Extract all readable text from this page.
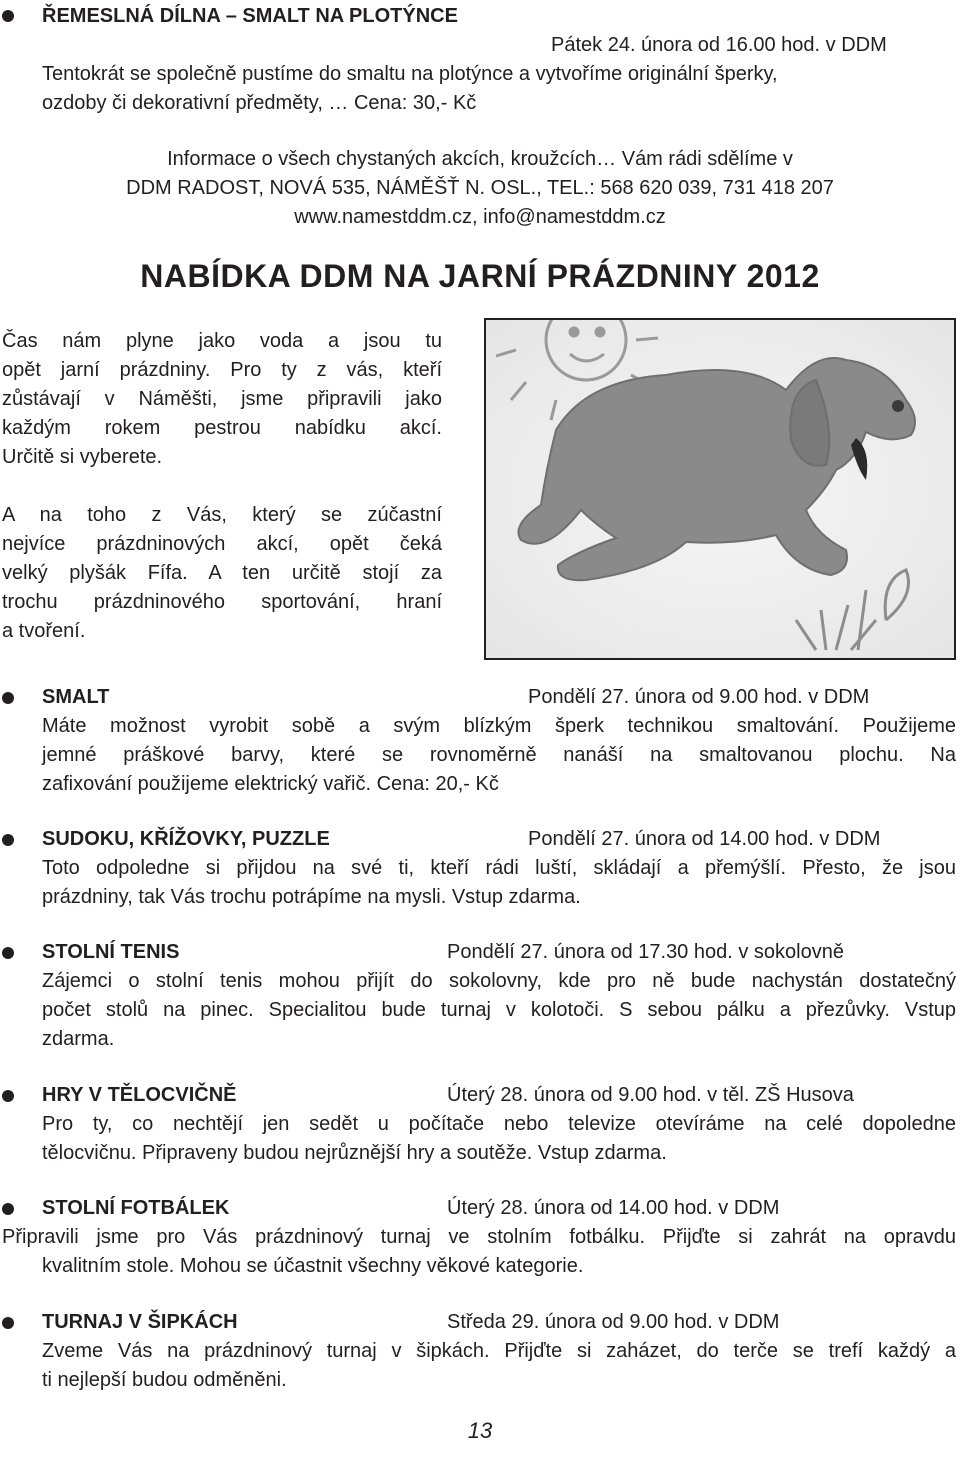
ŘEMESLNÁ DÍLNA – SMALT NA PLOTÝNCE
Pátek 24. února od 16.00 hod. v DDM
Tentokrát se společně pustíme do smaltu na plotýnce a vytvoříme originální šperky,
ozdoby či dekorativní předměty, … Cena: 30,- Kč
Informace o všech chystaných akcích, kroužcích… Vám rádi sdělíme v
DDM RADOST, NOVÁ 535, NÁMĚŠŤ N. OSL., TEL.: 568 620 039, 731 418 207
www.namestddm.cz, info@namestddm.cz
NABÍDKA DDM NA JARNÍ PRÁZDNINY 2012
Čas nám plyne jako voda a jsou tu
opět jarní prázdniny. Pro ty z vás, kteří
zůstávají v Náměšti, jsme připravili jako
každým rokem pestrou nabídku akcí.
Určitě si vyberete.
A na toho z Vás, který se zúčastní
nejvíce prázdninových akcí, opět čeká
velký plyšák Fífa. A ten určitě stojí za
trochu prázdninového sportování, hraní
a tvoření.
SMALT	Pondělí 27. února od 9.00 hod. v DDM
Máte možnost vyrobit sobě a svým blízkým šperk technikou smaltování. Použijeme
jemné práškové barvy, které se rovnoměrně nanáší na smaltovanou plochu. Na
zafixování použijeme elektrický vařič. Cena: 20,- Kč
SUDOKU, KŘÍŽOVKY, PUZZLE	Pondělí 27. února od 14.00 hod. v DDM
Toto odpoledne si přijdou na své ti, kteří rádi luští, skládají a přemýšlí. Přesto, že jsou
prázdniny, tak Vás trochu potrápíme na mysli. Vstup zdarma.
STOLNÍ TENIS	Pondělí 27. února od 17.30 hod. v sokolovně
Zájemci o stolní tenis mohou přijít do sokolovny, kde pro ně bude nachystán dostatečný
počet stolů na pinec. Specialitou bude turnaj v kolotoči. S sebou pálku a přezůvky. Vstup
zdarma.
HRY V TĚLOCVIČNĚ	Úterý 28. února od 9.00 hod. v těl. ZŠ Husova
Pro ty, co nechtějí jen sedět u počítače nebo televize otevíráme na celé dopoledne
tělocvičnu. Připraveny budou nejrůznější hry a soutěže. Vstup zdarma.
STOLNÍ FOTBÁLEK	Úterý 28. února od 14.00 hod. v DDM
Připravili jsme pro Vás prázdninový turnaj ve stolním fotbálku. Přijďte si zahrát na opravdu
kvalitním stole. Mohou se účastnit všechny věkové kategorie.
TURNAJ V ŠIPKÁCH	Středa 29. února od 9.00 hod. v DDM
Zveme Vás na prázdninový turnaj v šipkách. Přijďte si zaházet, do terče se trefí každý a
ti nejlepší budou odměněni.
13
